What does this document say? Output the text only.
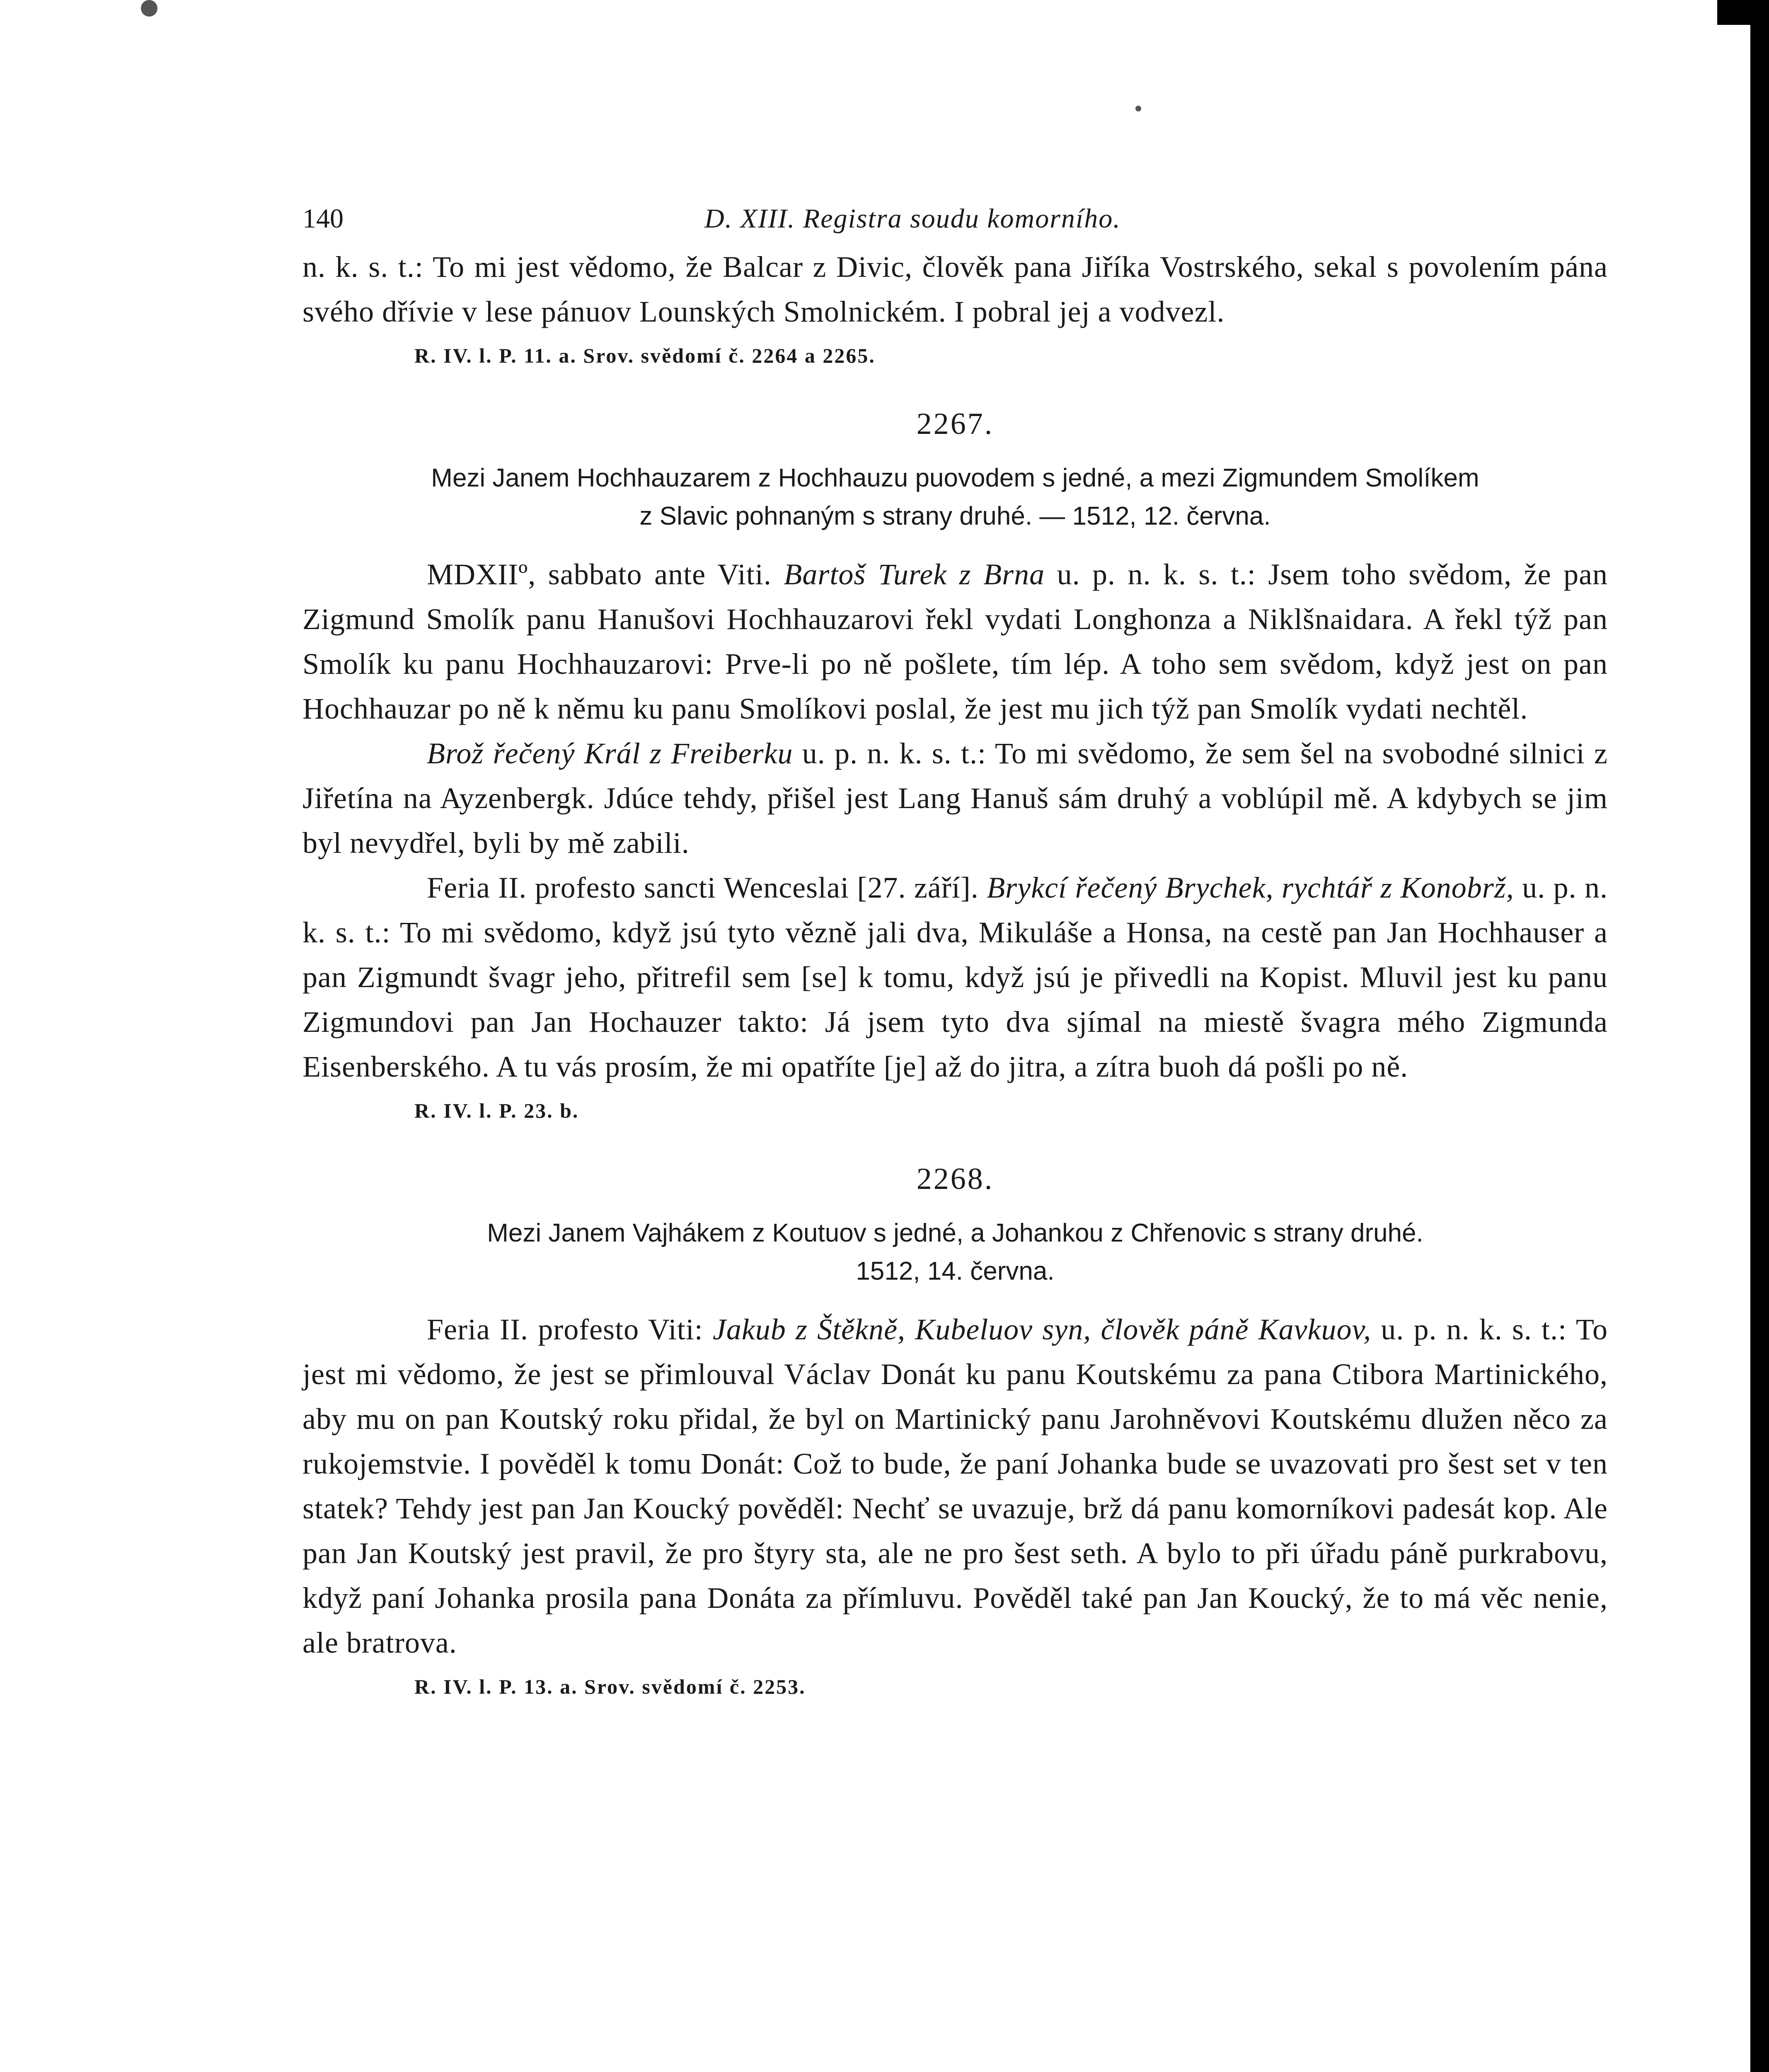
140	D. XIII. Registra soudu komorního.

n. k. s. t.: To mi jest vědomo, že Balcar z Divic, člověk pana Jiříka Vostrského, sekal s povolením pána svého dřívie v lese pánuov Lounských Smolnickém. I pobral jej a vodvezl.

R. IV. l. P. 11. a. Srov. svědomí č. 2264 a 2265.

2267.
Mezi Janem Hochhauzarem z Hochhauzu puovodem s jedné, a mezi Zigmundem Smolíkem
z Slavic pohnaným s strany druhé. — 1512, 12. června.

MDXIIº, sabbato ante Viti. Bartoš Turek z Brna u. p. n. k. s. t.: Jsem toho svědom, že pan Zigmund Smolík panu Hanušovi Hochhauzarovi řekl vydati Longhonza a Niklšnaidara. A řekl týž pan Smolík ku panu Hochhauzarovi: Prve-li po ně pošlete, tím lép. A toho sem svědom, když jest on pan Hochhauzar po ně k němu ku panu Smolíkovi poslal, že jest mu jich týž pan Smolík vydati nechtěl.

Brož řečený Král z Freiberku u. p. n. k. s. t.: To mi svědomo, že sem šel na svobodné silnici z Jiřetína na Ayzenbergk. Jdúce tehdy, přišel jest Lang Hanuš sám druhý a voblúpil mě. A kdybych se jim byl nevydřel, byli by mě zabili.

Feria II. profesto sancti Wenceslai [27. září]. Brykcí řečený Brychek, rychtář z Konobrž, u. p. n. k. s. t.: To mi svědomo, když jsú tyto vězně jali dva, Mikuláše a Honsa, na cestě pan Jan Hochhauser a pan Zigmundt švagr jeho, přitrefil sem [se] k tomu, když jsú je přivedli na Kopist. Mluvil jest ku panu Zigmundovi pan Jan Hochauzer takto: Já jsem tyto dva sjímal na miestě švagra mého Zigmunda Eisenberského. A tu vás prosím, že mi opatříte [je] až do jitra, a zítra buoh dá pošli po ně.

R. IV. l. P. 23. b.

2268.
Mezi Janem Vajhákem z Koutuov s jedné, a Johankou z Chřenovic s strany druhé.
1512, 14. června.

Feria II. profesto Viti: Jakub z Štěkně, Kubeluov syn, člověk páně Kavkuov, u. p. n. k. s. t.: To jest mi vědomo, že jest se přimlouval Václav Donát ku panu Koutskému za pana Ctibora Martinického, aby mu on pan Koutský roku přidal, že byl on Martinický panu Jarohněvovi Koutskému dlužen něco za rukojemstvie. I pověděl k tomu Donát: Což to bude, že paní Johanka bude se uvazovati pro šest set v ten statek? Tehdy jest pan Jan Koucký pověděl: Nechť se uvazuje, brž dá panu komorníkovi padesát kop. Ale pan Jan Koutský jest pravil, že pro štyry sta, ale ne pro šest seth. A bylo to při úřadu páně purkrabovu, když paní Johanka prosila pana Donáta za přímluvu. Pověděl také pan Jan Koucký, že to má věc nenie, ale bratrova.

R. IV. l. P. 13. a. Srov. svědomí č. 2253.
